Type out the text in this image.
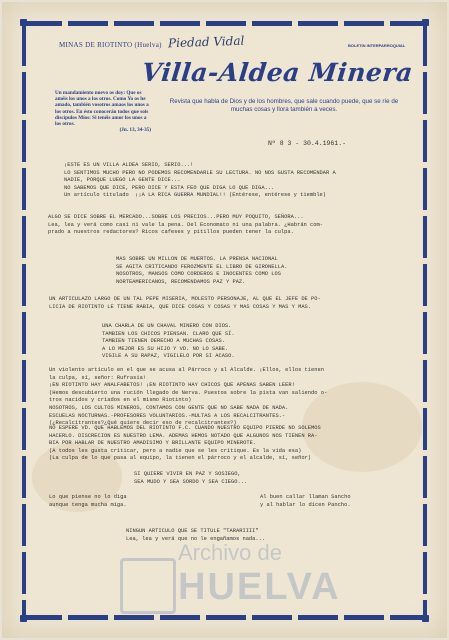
MINAS DE RIOTINTO (Huelva) Piedad Vidal	BOLETIN INTERPARROQUIAL
Villa-Aldea Minera
Un mandamiento nuevo os doy: Que os améis los unos a los otros. Como Yo os he amado, también vosotros amaos los unos a los otros. En ésto conocerán todos que sois discípulos Míos: Si tenéis amor los unos a los otros.
(Jn. 13, 34-35)
Revista que habla de Dios y de los hombres, que sale cuando puede, que se ríe de muchas cosas y llora también a veces.
Nº 8 3 - 30.4.1961.-
¡ESTE ES UN VILLA ALDEA SERIO, SERIO...!
LO SENTIMOS MUCHO PERO NO PODEMOS RECOMENDARLE SU LECTURA. NO NOS GUSTA RECOMENDAR A
NADIE, PORQUE LUEGO LA GENTE DICE...
NO SABEMOS QUE DICE, PERO DICE Y ESTA FEO QUE DIGA LO QUE DIGA...
Un artículo titulado  ¡¡A LA RICA GUERRA MUNDIAL!! (Entérese, entérese y tiemble)
ALGO SE DICE SOBRE EL MERCADO...SOBRE LOS PRECIOS...PERO MUY POQUITO, SEÑORA...
Lea, lea y verá como casi ni vale la pena. Del Economato ni una palabra. ¿Habrán com-
prado a nuestros redactores? Ricos cafeses y pitillos pueden tener la culpa.
MAS SOBRE UN MILLON DE MUERTOS. LA PRENSA NACIONAL
SE AGITA CRITICANDO FEROZMENTE EL LIBRO DE GIRONELLA.
NOSOTROS, MANSOS COMO CORDEROS E INOCENTES COMO LOS
NORTEAMERICANOS, RECOMENDAMOS PAZ Y PAZ.
UN ARTICULAZO LARGO DE UN TAL PEPE MISERIA, MOLESTO PERSONAJE, AL QUE EL JEFE DE PO-
LICIA DE RIOTINTO LE TIENE RABIA, QUE DICE COSAS Y COSAS Y MAS COSAS Y MAS Y MAS.
UNA CHARLA DE UN CHAVAL MINERO CON DIOS.
TAMBIEN LOS CHICOS PIENSAN. CLARO QUE SÍ.
TAMBIEN TIENEN DERECHO A MUCHAS COSAS.
A LO MEJOR ES SU HIJO Y VD. NO LO SABE.
VIGILE A SU RAPAZ, VIGILELO POR SI ACASO.
Un violento artículo en el que se acusa al Párroco y al Alcalde. ¡Ellos, ellos tienen
la culpa, sí, señor: Rufrasia!
¡EN RIOTINTO HAY ANALFABETOS! ¡EN RIOTINTO HAY CHICOS QUE APENAS SABEN LEER!
(Hemos descubierto una rución llegado de Nerva. Puestos sobre la pista van saliendo o-
tros nacidos y criados en el mismo Riotinto)
NOSOTROS, LOS CULTOS MINEROS, CONTAMOS CON GENTE QUE NO SABE NADA DE NADA.
ESCUELAS NOCTURNAS.-PROFESORES VOLUNTARIOS.-MULTAS A LOS RECALCITRANTES.-
(¿Recalcitrantes?¿Qué quiere decir eso de recalcitrantes?)
NO ESPERE VD. QUE HABLEMOS DEL RIOTINTO F.C. CUANDO NUESTRO EQUIPO PIERDE NO SOLEMOS
HACERLO. DISCRECION ES NUESTRO LEMA. ADEMAS HEMOS NOTADO QUE ALGUNOS NOS TIENEN RA-
BIA POR HABLAR DE NUESTRO AMADISIMO Y BRILLANTE EQUIPO MINEROTE.
(A todos les gusta criticar, pero a nadie que se les critique. Es la vida esa)
(La culpa de lo que pasa al equipo, la tienen el párroco y el alcalde, sí, señor)
SI QUIERE VIVIR EN PAZ Y SOSIEGO,
SEA MUDO Y SEA SORDO Y SEA CIEGO...
Lo que piense no lo diga
aunque tenga mucha miga.
Al buen callar llaman Sancho
y al hablar lo dicen Pancho.
NINGUN ARTICULO QUE SE TITULE "TARARIIII"
Lea, lea y verá que no le engañamos nada...
Archivo de
HUELVA
